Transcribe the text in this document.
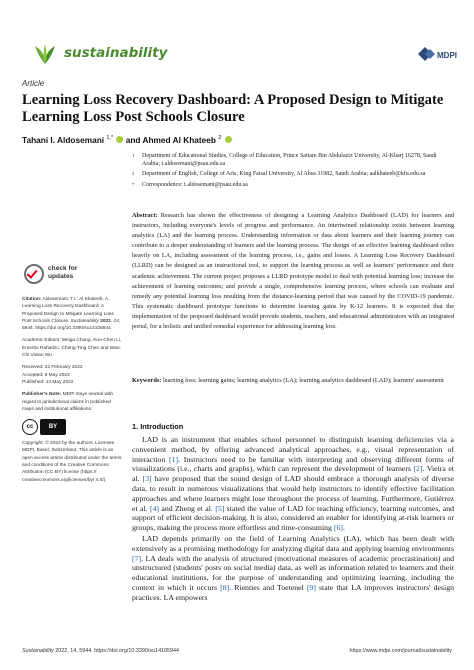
sustainability	MDPI
Article
Learning Loss Recovery Dashboard: A Proposed Design to Mitigate Learning Loss Post Schools Closure
Tahani I. Aldosemani $^{1,*}$ and Ahmed Al Khateeb $^2$
1 Department of Educational Studies, College of Education, Prince Sattam Bin Abdulaziz University, Al-Kharj 16278, Saudi Arabia; t.aldosemani@psau.edu.sa
2 Department of English, College of Arts, King Faisal University, Al Ahsa 31982, Saudi Arabia; aalkhateeb@kfu.edu.sa
* Correspondence: t.aldosemani@psau.edu.sa
Abstract: Research has shown the effectiveness of designing a Learning Analytics Dashboard (LAD) for learners and instructors, including everyone's levels of progress and performance. An intertwined relationship exists between learning analytics (LA) and the learning process. Understanding information or data about learners and their learning journey can contribute to a deeper understanding of learners and the learning process. The design of an effective learning dashboard relies heavily on LA, including assessment of the learning process, i.e., gains and losses. A Learning Loss Recovery Dashboard (LLRD) can be designed as an instructional tool, to support the learning process as well as learners' performance and their academic achievement. The current project proposes a LLRD prototype model to deal with potential learning loss; increase the achievement of learning outcomes; and provide a single, comprehensive learning process, where schools can evaluate and remedy any potential learning loss resulting from the distance-learning period that was caused by the COVID-19 pandemic. This systematic dashboard prototype functions to determine learning gains by K-12 learners. It is expected that the implementation of the proposed dashboard would provide students, teachers, and educational administrators with an integrated portal, for a holistic and unified remedial experience for addressing learning loss.
Keywords: learning loss; learning gains; learning analytics (LA); learning analytics dashboard (LAD); learners' assessment
check for
updates
Citation: Aldosemani, T.I.; Al Khateeb, A. Learning Loss Recovery Dashboard: A Proposed Design to Mitigate Learning Loss Post Schools Closure. Sustainability 2022, 14, 5944. https://doi.org/10.3390/su14105944
Academic Editors: Meiga Chang, Kuo-Chen Li, Emeritu Rahadzc, Cheng-Ting Chen and Wan-Chi Vivian Wu
Received: 22 February 2022
Accepted: 9 May 2022
Published: 13 May 2022
Publisher's Note: MDPI stays neutral with regard to jurisdictional claims in published maps and institutional affiliations.
cc	BY
Copyright: © 2022 by the authors. Licensee MDPI, Basel, Switzerland. This article is an open access article distributed under the terms and conditions of the Creative Commons Attribution (CC BY) license (https:// creativecommons.org/licenses/by/ 4.0/).
1. Introduction

LAD is an instrument that enables school personnel to distinguish learning deficiencies via a convenient method, by offering advanced analytical approaches, e.g., visual representation of interaction [1]. Instructors need to be familiar with interpreting and observing different forms of visualizations (i.e., charts and graphs), which can represent the development of learners [2]. Vieira et al. [3] have proposed that the sound design of LAD should embrace a thorough analysis of diverse data, to result in numerous visualizations that would help instructors to identify effective facilitation approaches and where learners might lose throughout the process of learning. Furthermore, Gutiérrez et al. [4] and Zheng et al. [5] stated the value of LAD for teaching efficiency, learning outcomes, and support of efficient decision-making. It is also, considered an enabler for identifying at-risk learners or groups, making the process more effortless and time-consuming [6].

LAD depends primarily on the field of Learning Analytics (LA), which has been dealt with extensively as a promising methodology for analyzing digital data and applying learning environments [7]. LA deals with the analysis of structured (motivational measures of academic procrastination) and unstructured (students' posts on social media) data, as well as information related to learners and their educational institutions, for the purpose of understanding and optimizing learning, including the context in which it occurs [8]. Rienties and Toetenel [9] state that LA improves instructors' design practices. LA empowers

Sustainability 2022, 14, 5944. https://doi.org/10.3390/su14105944	https://www.mdpi.com/journal/sustainability
